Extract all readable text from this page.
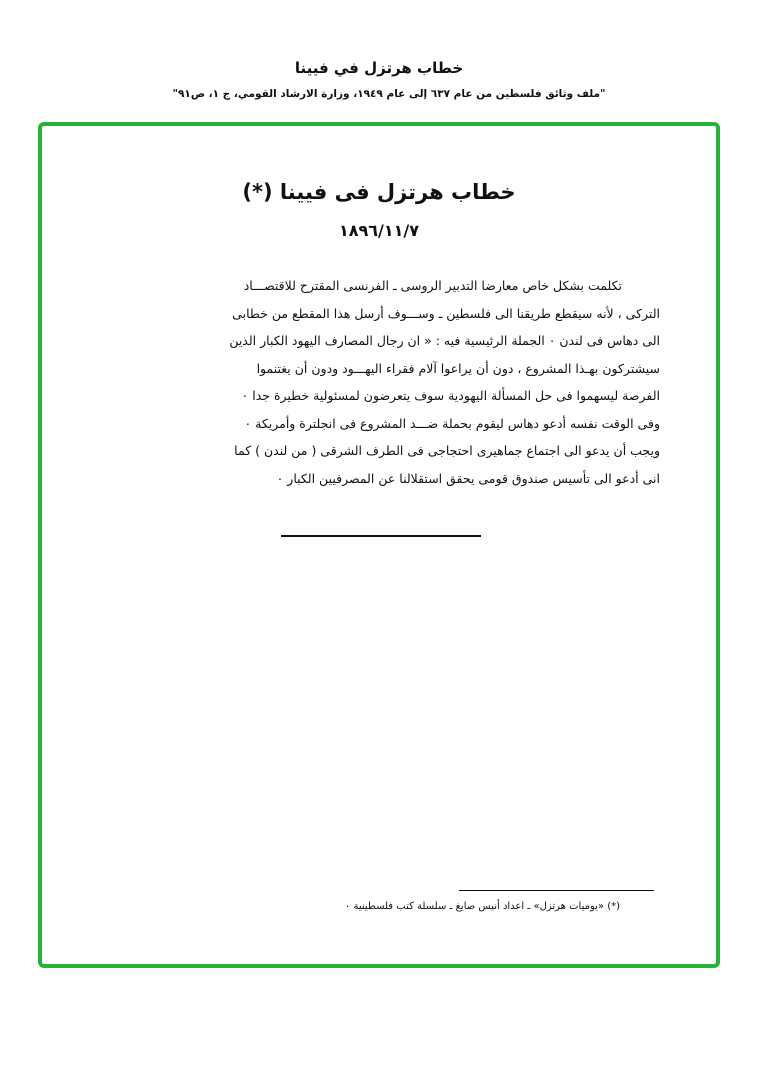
خطاب هرتزل في فيينا
"ملف وثائق فلسطين من عام ٦٣٧ إلى عام ١٩٤٩، وزارة الارشاد القومي، ج ١، ص٩١"
خطاب هرتزل فى فيينا (*)
١٨٩٦/١١/٧
تكلمت بشكل خاص معارضا التدبير الروسى ـ الفرنسى المقترح للاقتصـــاد
التركى ، لأنه سيقطع طريقنا الى فلسطين ـ وســـوف أرسل هذا المقطع من خطابى
الى دهاس فى لندن ٠ الجملة الرئيسية فيه : « ان رجال المصارف اليهود الكبار الذين
سيشتركون بهـذا المشروع ، دون أن يراعوا آلام فقراء اليهـــود ودون أن يغتنموا
الفرصة ليسهموا فى حل المسألة اليهودية سوف يتعرضون لمسئولية خطيرة جدا ٠
وفى الوقت نفسه أدعو دهاس ليقوم بحملة ضـــد المشروع فى انجلترة وأمريكة ٠
ويجب أن يدعو الى اجتماع جماهيرى احتجاجى فى الطرف الشرقى ( من لندن ) كما
انى أدعو الى تأسيس صندوق قومى يحقق استقلالنا عن المصرفيين الكبار ٠
(*) «يوميات هرتزل» ـ اعداد أنيس صايغ ـ سلسلة كتب فلسطينية ٠
